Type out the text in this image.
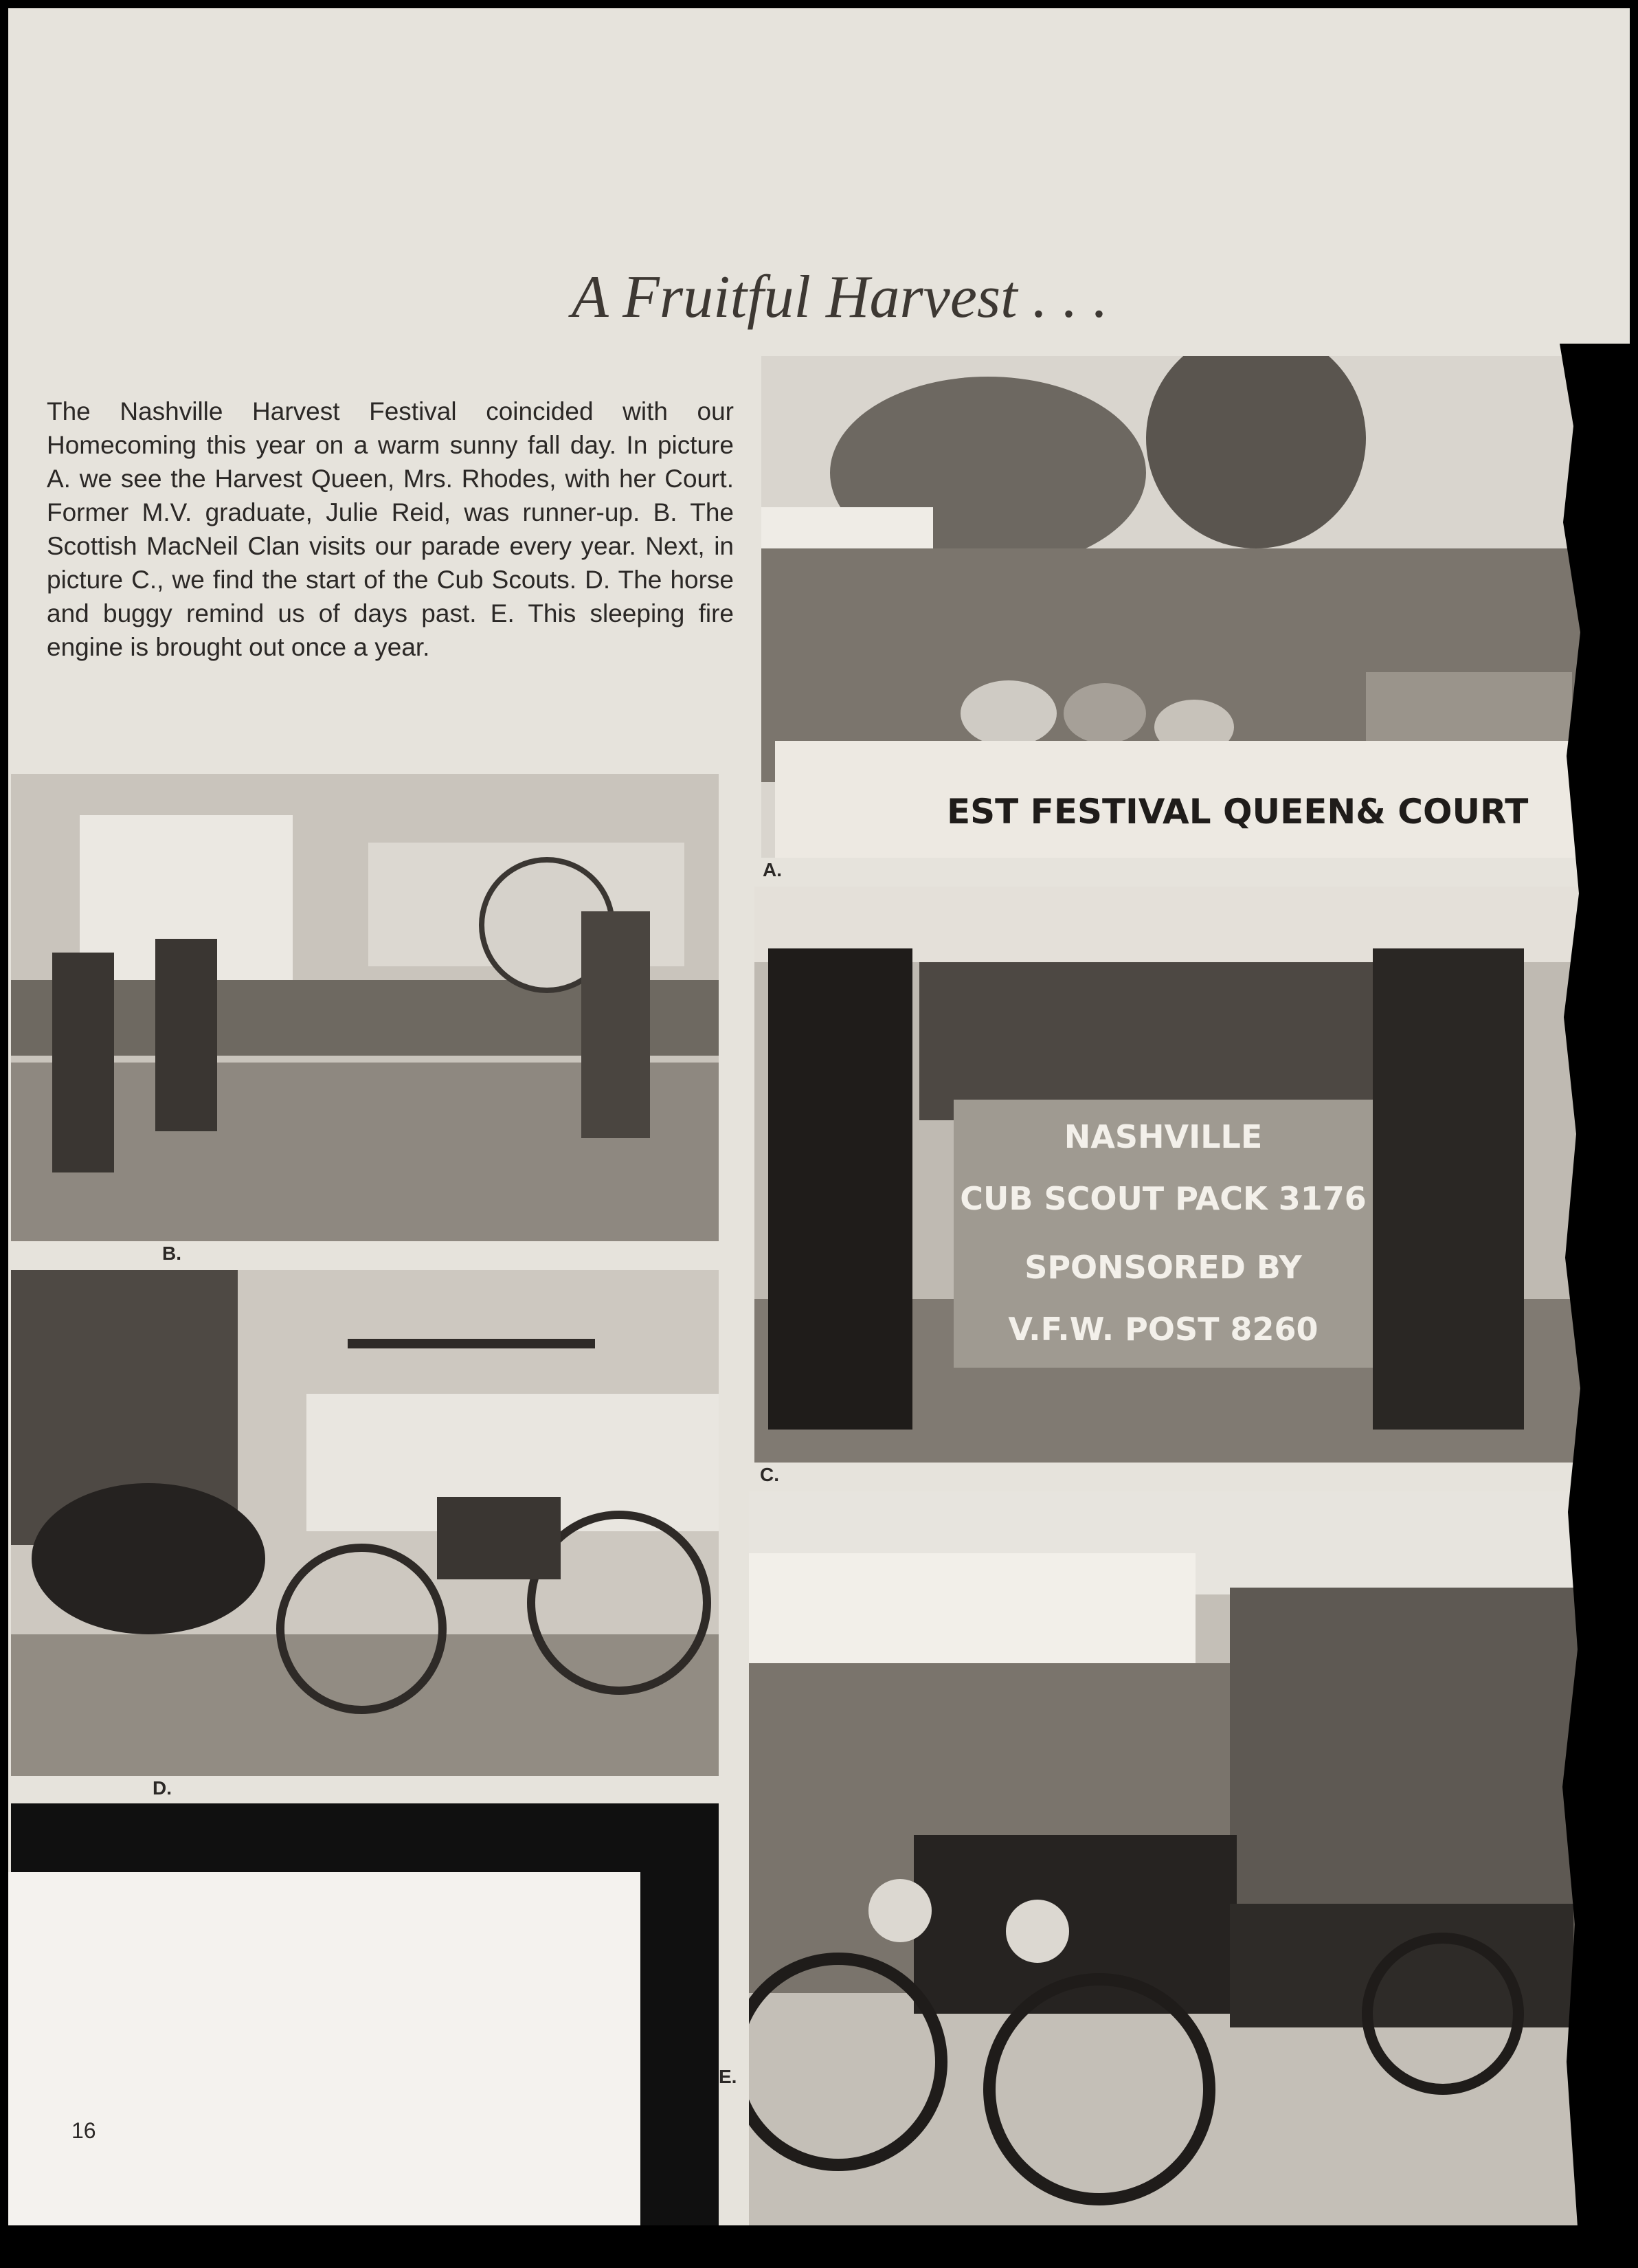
A Fruitful Harvest . . .

The Nashville Harvest Festival coincided with our Homecoming this year on a warm sunny fall day. In picture A. we see the Harvest Queen, Mrs. Rhodes, with her Court. Former M.V. graduate, Julie Reid, was runner-up. B. The Scottish MacNeil Clan visits our parade every year. Next, in picture C., we find the start of the Cub Scouts. D. The horse and buggy remind us of days past. E. This sleeping fire engine is brought out once a year.

EST FESTIVAL QUEEN& COURT
A.
B.
NASHVILLE
CUB SCOUT PACK 3176
SPONSORED BY
V.F.W. POST 8260
C.
D.
E.
16
